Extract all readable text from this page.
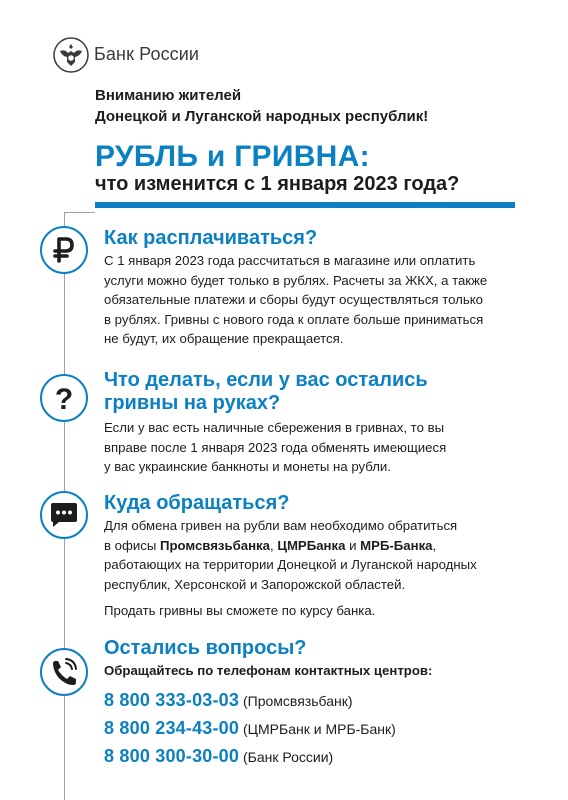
Банк России
Вниманию жителей
Донецкой и Луганской народных республик!
РУБЛЬ и ГРИВНА:
что изменится с 1 января 2023 года?
Как расплачиваться?

С 1 января 2023 года рассчитаться в магазине или оплатить

услуги можно будет только в рублях. Расчеты за ЖКХ, а также

обязательные платежи и сборы будут осуществляться только

в рублях. Гривны с нового года к оплате больше приниматься

не будут, их обращение прекращается.

?
Что делать, если у вас остались
гривны на руках?

Если у вас есть наличные сбережения в гривнах, то вы

вправе после 1 января 2023 года обменять имеющиеся

у вас украинские банкноты и монеты на рубли.

Куда обращаться?

Для обмена гривен на рубли вам необходимо обратиться

в офисы Промсвязьбанка, ЦМРБанка и МРБ-Банка,

работающих на территории Донецкой и Луганской народных

республик, Херсонской и Запорожской областей.

Продать гривны вы сможете по курсу банка.

Остались вопросы?
Обращайтесь по телефонам контактных центров:
8 800 333-03-03 (Промсвязьбанк)
8 800 234-43-00 (ЦМРБанк и МРБ-Банк)
8 800 300-30-00 (Банк России)
